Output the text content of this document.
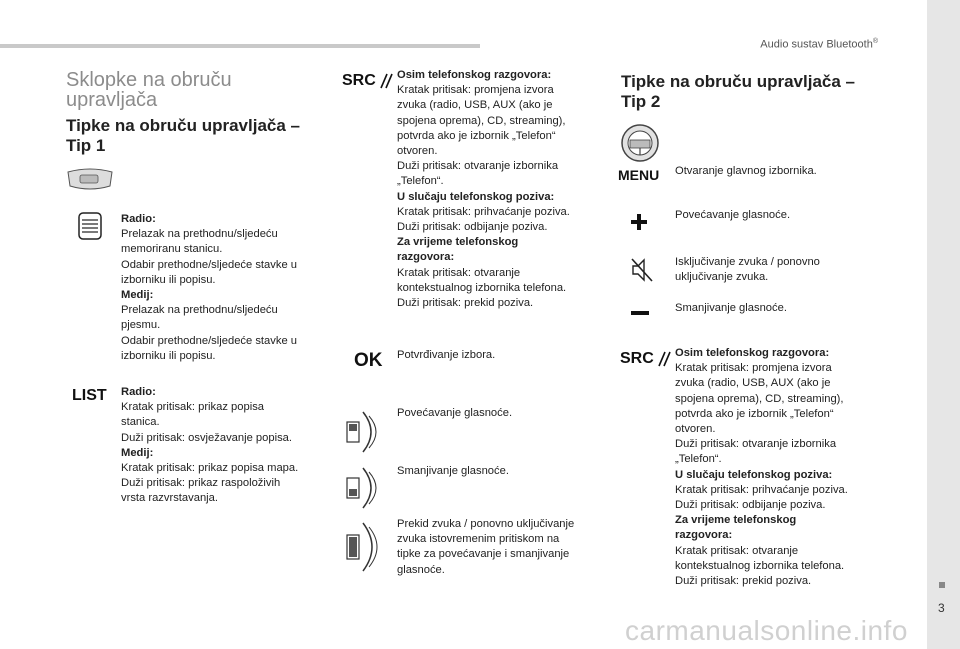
Audio sustav Bluetooth®
3
Sklopke na obruču upravljača
Tipke na obruču upravljača – Tip 1
Radio:
Prelazak na prethodnu/sljedeću
memoriranu stanicu.
Odabir prethodne/sljedeće stavke u
izborniku ili popisu.
Medij:
Prelazak na prethodnu/sljedeću
pjesmu.
Odabir prethodne/sljedeće stavke u
izborniku ili popisu.
LIST Radio:
Kratak pritisak: prikaz popisa
stanica.
Duži pritisak: osvježavanje popisa.
Medij:
Kratak pritisak: prikaz popisa mapa.
Duži pritisak: prikaz raspoloživih
vrsta razvrstavanja.
SRC Osim telefonskog razgovora:
Kratak pritisak: promjena izvora
zvuka (radio, USB, AUX (ako je
spojena oprema), CD, streaming),
potvrda ako je izbornik „Telefon“
otvoren.
Duži pritisak: otvaranje izbornika
„Telefon“.
U slučaju telefonskog poziva:
Kratak pritisak: prihvaćanje poziva.
Duži pritisak: odbijanje poziva.
Za vrijeme telefonskog
razgovora:
Kratak pritisak: otvaranje
kontekstualnog izbornika telefona.
Duži pritisak: prekid poziva.
OK Potvrđivanje izbora.
Povećavanje glasnoće.
Smanjivanje glasnoće.
Prekid zvuka / ponovno uključivanje
zvuka istovremenim pritiskom na
tipke za povećavanje i smanjivanje
glasnoće.
Tipke na obruču upravljača – Tip 2
MENU Otvaranje glavnog izbornika.
Povećavanje glasnoće.
Isključivanje zvuka / ponovno
uključivanje zvuka.
Smanjivanje glasnoće.
SRC Osim telefonskog razgovora:
Kratak pritisak: promjena izvora
zvuka (radio, USB, AUX (ako je
spojena oprema), CD, streaming),
potvrda ako je izbornik „Telefon“
otvoren.
Duži pritisak: otvaranje izbornika
„Telefon“.
U slučaju telefonskog poziva:
Kratak pritisak: prihvaćanje poziva.
Duži pritisak: odbijanje poziva.
Za vrijeme telefonskog
razgovora:
Kratak pritisak: otvaranje
kontekstualnog izbornika telefona.
Duži pritisak: prekid poziva.
carmanualsonline.info
